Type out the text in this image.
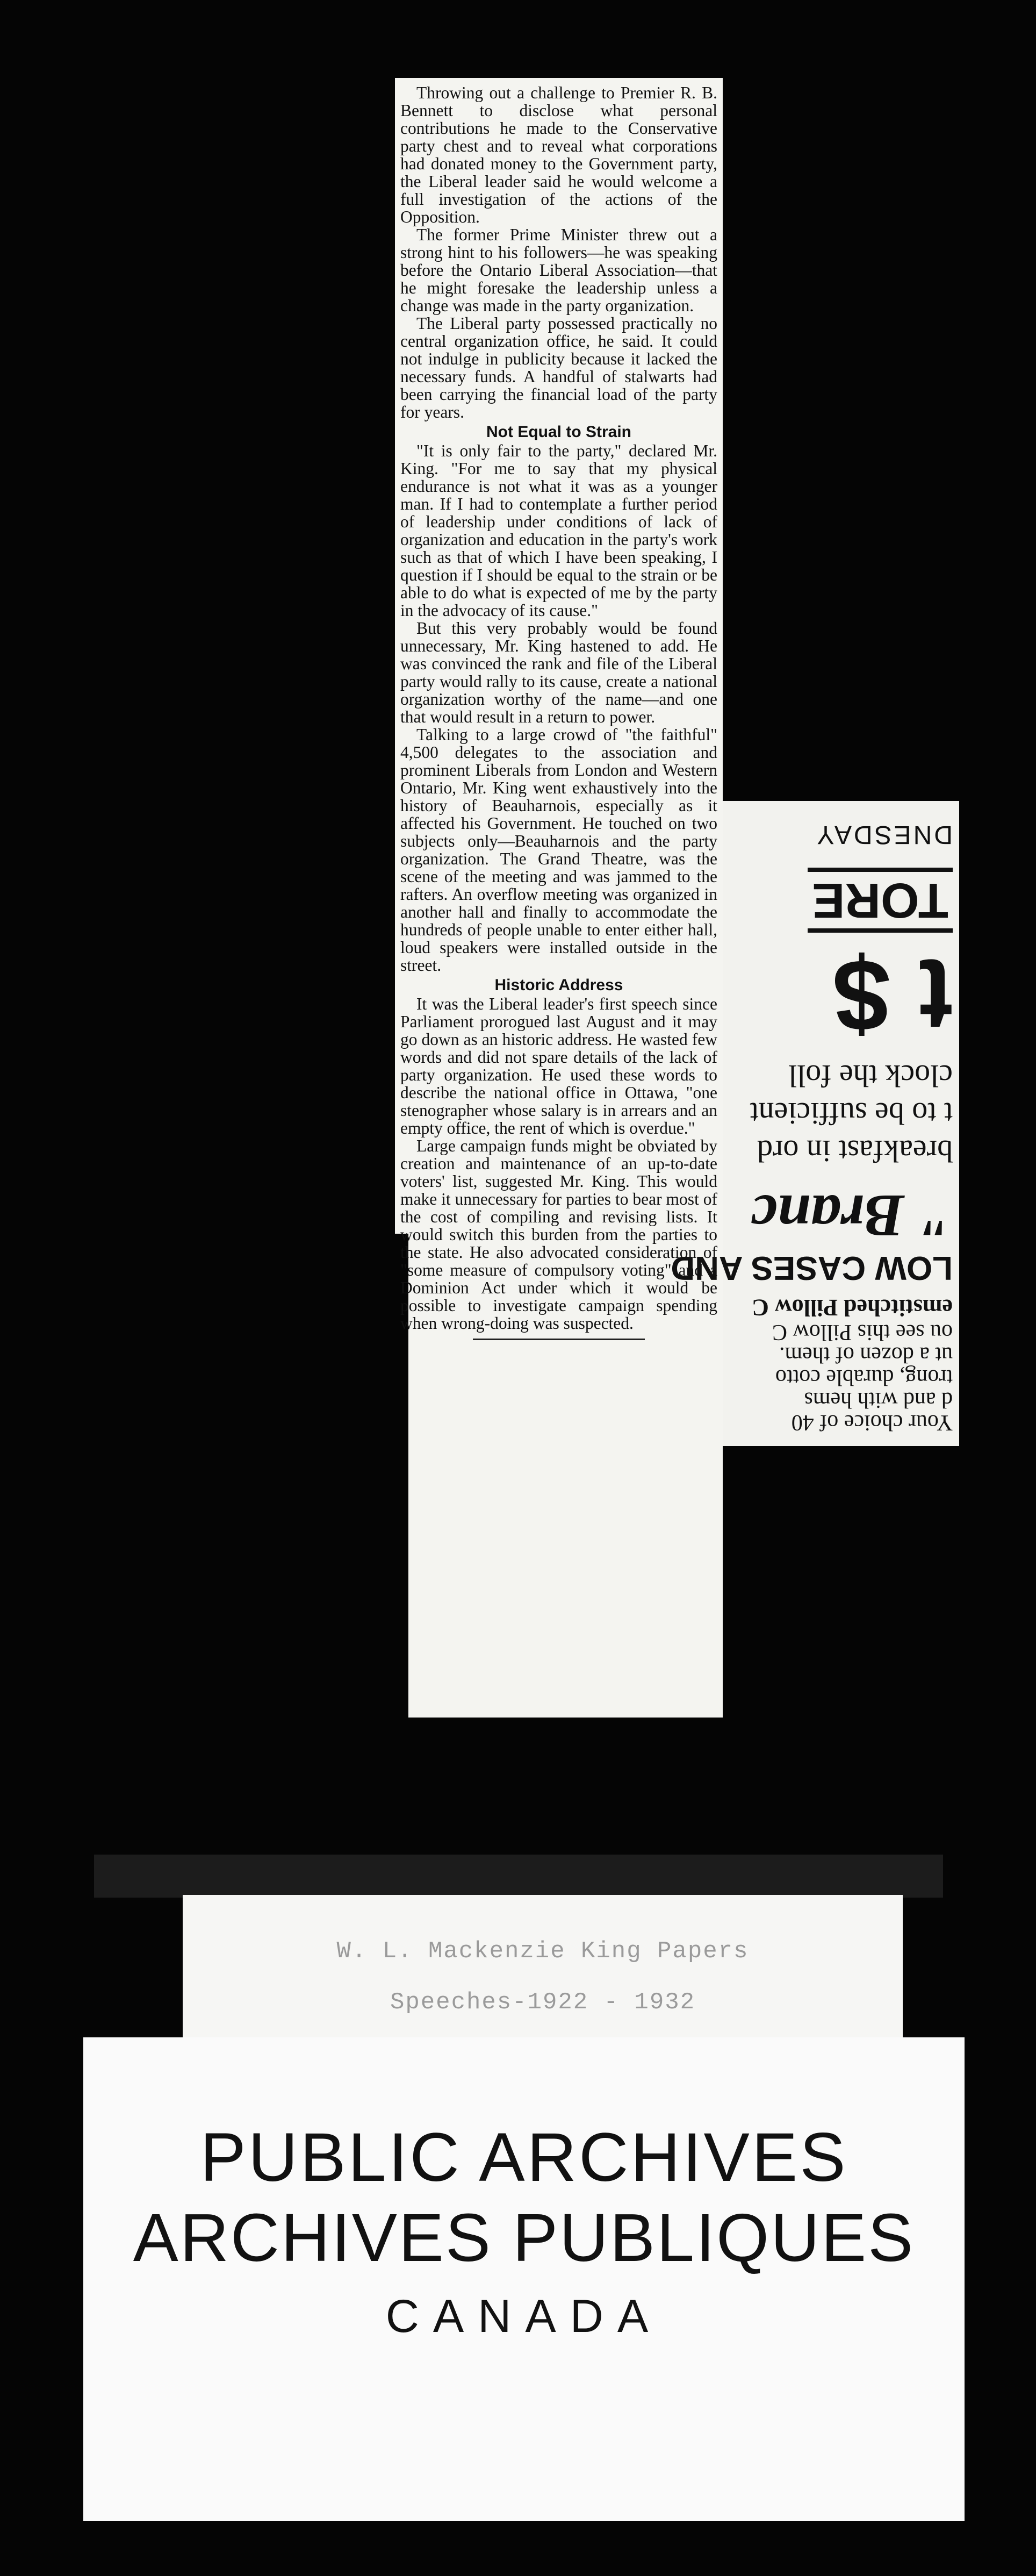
Throwing out a challenge to Premier R. B. Bennett to disclose what personal contributions he made to the Conservative party chest and to reveal what corporations had donated money to the Government party, the Liberal leader said he would welcome a full investigation of the actions of the Opposition.

The former Prime Minister threw out a strong hint to his followers—he was speaking before the Ontario Liberal Association—that he might foresake the leadership unless a change was made in the party organization.

The Liberal party possessed practically no central organization office, he said. It could not indulge in publicity because it lacked the necessary funds. A handful of stalwarts had been carrying the financial load of the party for years.

Not Equal to Strain

"It is only fair to the party," declared Mr. King. "For me to say that my physical endurance is not what it was as a younger man. If I had to contemplate a further period of leadership under conditions of lack of organization and education in the party's work such as that of which I have been speaking, I question if I should be equal to the strain or be able to do what is expected of me by the party in the advocacy of its cause."

But this very probably would be found unnecessary, Mr. King hastened to add. He was convinced the rank and file of the Liberal party would rally to its cause, create a national organization worthy of the name—and one that would result in a return to power.

Talking to a large crowd of "the faithful" 4,500 delegates to the association and prominent Liberals from London and Western Ontario, Mr. King went exhaustively into the history of Beauharnois, especially as it affected his Government. He touched on two subjects only—Beauharnois and the party organization. The Grand Theatre, was the scene of the meeting and was jammed to the rafters. An overflow meeting was organized in another hall and finally to accommodate the hundreds of people unable to enter either hall, loud speakers were installed outside in the street.

Historic Address

It was the Liberal leader's first speech since Parliament prorogued last August and it may go down as an historic address. He wasted few words and did not spare details of the lack of party organization. He used these words to describe the national office in Ottawa, "one stenographer whose salary is in arrears and an empty office, the rent of which is overdue."

Large campaign funds might be obviated by creation and maintenance of an up-to-date voters' list, suggested Mr. King. This would make it unnecessary for parties to bear most of the cost of compiling and revising lists. It would switch this burden from the parties to the state. He also advocated consideration of "some measure of compulsory voting" and a Dominion Act under which it would be possible to investigate campaign spending when wrong-doing was suspected.

Your choice of 40
d and with hems
trong, durable cotto
ut a dozen of them.
ou see this Pillow C
emstitched Pillow C
LOW CASES AND
" Branc
breakfast in ord
t to be sufficient
clock the foll
t $
TORE
DNESDAY
W. L. Mackenzie King Papers
Speeches-1922 - 1932
PUBLIC ARCHIVES
ARCHIVES PUBLIQUES
CANADA
